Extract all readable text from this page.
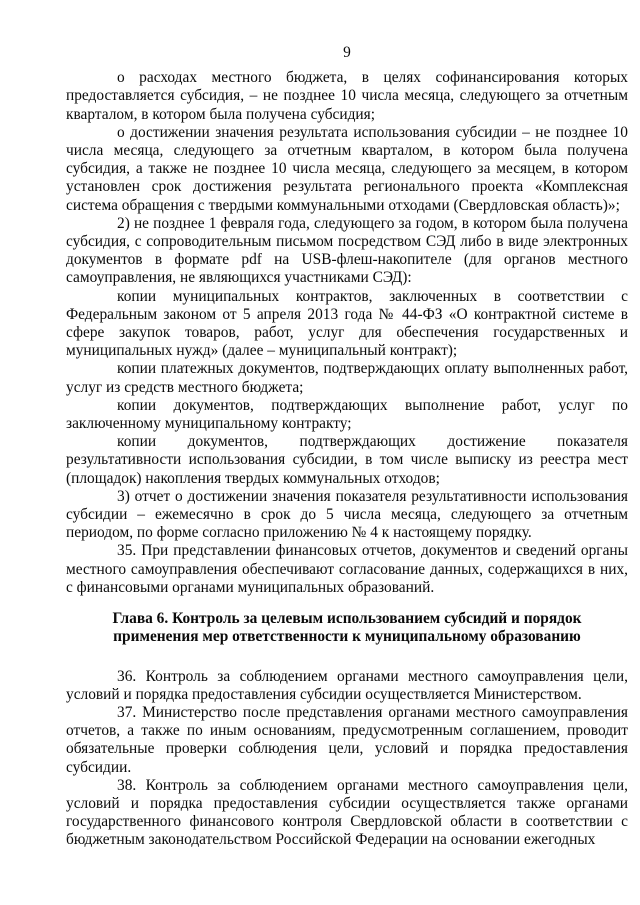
9

о расходах местного бюджета, в целях софинансирования которых предоставляется субсидия, – не позднее 10 числа месяца, следующего за отчетным кварталом, в котором была получена субсидия;

о достижении значения результата использования субсидии – не позднее 10 числа месяца, следующего за отчетным кварталом, в котором была получена субсидия, а также не позднее 10 числа месяца, следующего за месяцем, в котором установлен срок достижения результата регионального проекта «Комплексная система обращения с твердыми коммунальными отходами (Свердловская область)»;

2) не позднее 1 февраля года, следующего за годом, в котором была получена субсидия, с сопроводительным письмом посредством СЭД либо в виде электронных документов в формате pdf на USB-флеш-накопителе (для органов местного самоуправления, не являющихся участниками СЭД):

копии муниципальных контрактов, заключенных в соответствии с Федеральным законом от 5 апреля 2013 года № 44-ФЗ «О контрактной системе в сфере закупок товаров, работ, услуг для обеспечения государственных и муниципальных нужд» (далее – муниципальный контракт);

копии платежных документов, подтверждающих оплату выполненных работ, услуг из средств местного бюджета;

копии документов, подтверждающих выполнение работ, услуг по заключенному муниципальному контракту;

копии документов, подтверждающих достижение показателя результативности использования субсидии, в том числе выписку из реестра мест (площадок) накопления твердых коммунальных отходов;

3) отчет о достижении значения показателя результативности использования субсидии – ежемесячно в срок до 5 числа месяца, следующего за отчетным периодом, по форме согласно приложению № 4 к настоящему порядку.

35. При представлении финансовых отчетов, документов и сведений органы местного самоуправления обеспечивают согласование данных, содержащихся в них, с финансовыми органами муниципальных образований.

Глава 6. Контроль за целевым использованием субсидий и порядок применения мер ответственности к муниципальному образованию

36. Контроль за соблюдением органами местного самоуправления цели, условий и порядка предоставления субсидии осуществляется Министерством.

37. Министерство после представления органами местного самоуправления отчетов, а также по иным основаниям, предусмотренным соглашением, проводит обязательные проверки соблюдения цели, условий и порядка предоставления субсидии.

38. Контроль за соблюдением органами местного самоуправления цели, условий и порядка предоставления субсидии осуществляется также органами государственного финансового контроля Свердловской области в соответствии с бюджетным законодательством Российской Федерации на основании ежегодных
